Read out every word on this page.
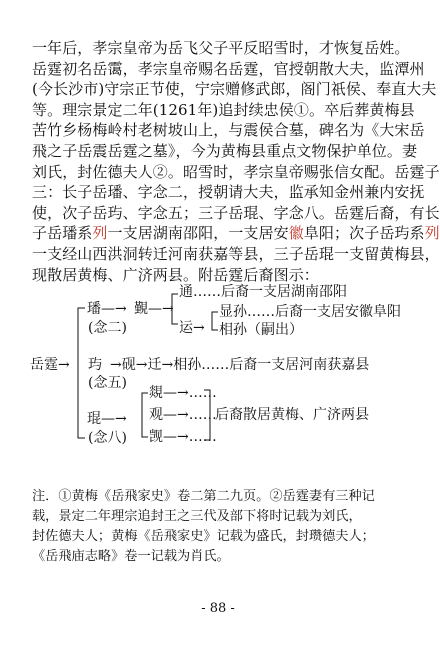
一年后，孝宗皇帝为岳飞父子平反昭雪时，才恢复岳姓。
岳霆初名岳霭，孝宗皇帝赐名岳霆，官授朝散大夫，监潭州
(今长沙市)守宗正节使，宁宗赠修武郎，阁门祇侯、奉直大夫
等。理宗景定二年(1261年)追封续忠侯①。卒后葬黄梅县
苦竹乡杨梅岭村老树坡山上，与震侯合墓，碑名为《大宋岳
飛之子岳震岳霆之墓》，今为黄梅县重点文物保护单位。妻
刘氏，封佐德夫人②。昭雪时，孝宗皇帝赐张信女配。岳霆子
三：长子岳璠、字念二，授朝请大夫，监承知金州兼内安抚
使，次子岳玙、字念五；三子岳琨、字念八。岳霆后裔，有长
子岳璠系列一支居湖南邵阳，一支居安徽阜阳；次子岳玙系列
一支经山西洪洞转迁河南获嘉等县，三子岳琨一支留黄梅县，
现散居黄梅、广济两县。附岳霆后裔图示：
岳霆→
璠—→
(念二)
覲—→
通……后裔一支居湖南邵阳
显孙……后裔一支居安徽阜阳
运→ 相孙（嗣出）
玙
(念五)
→砚→迁→相孙……后裔一支居河南获嘉县
琨—→
(念八)
覢—→……
观—→……
觊—→……
后裔散居黄梅、广济两县
注．①黄梅《岳飛家史》卷二第二九页。②岳霆妻有三种记
载，景定二年理宗追封王之三代及部下将时记载为刘氏，
封佐德夫人；黄梅《岳飛家史》记载为盛氏，封瓒德夫人；
《岳飛庙志略》卷一记载为肖氏。
- 88 -
